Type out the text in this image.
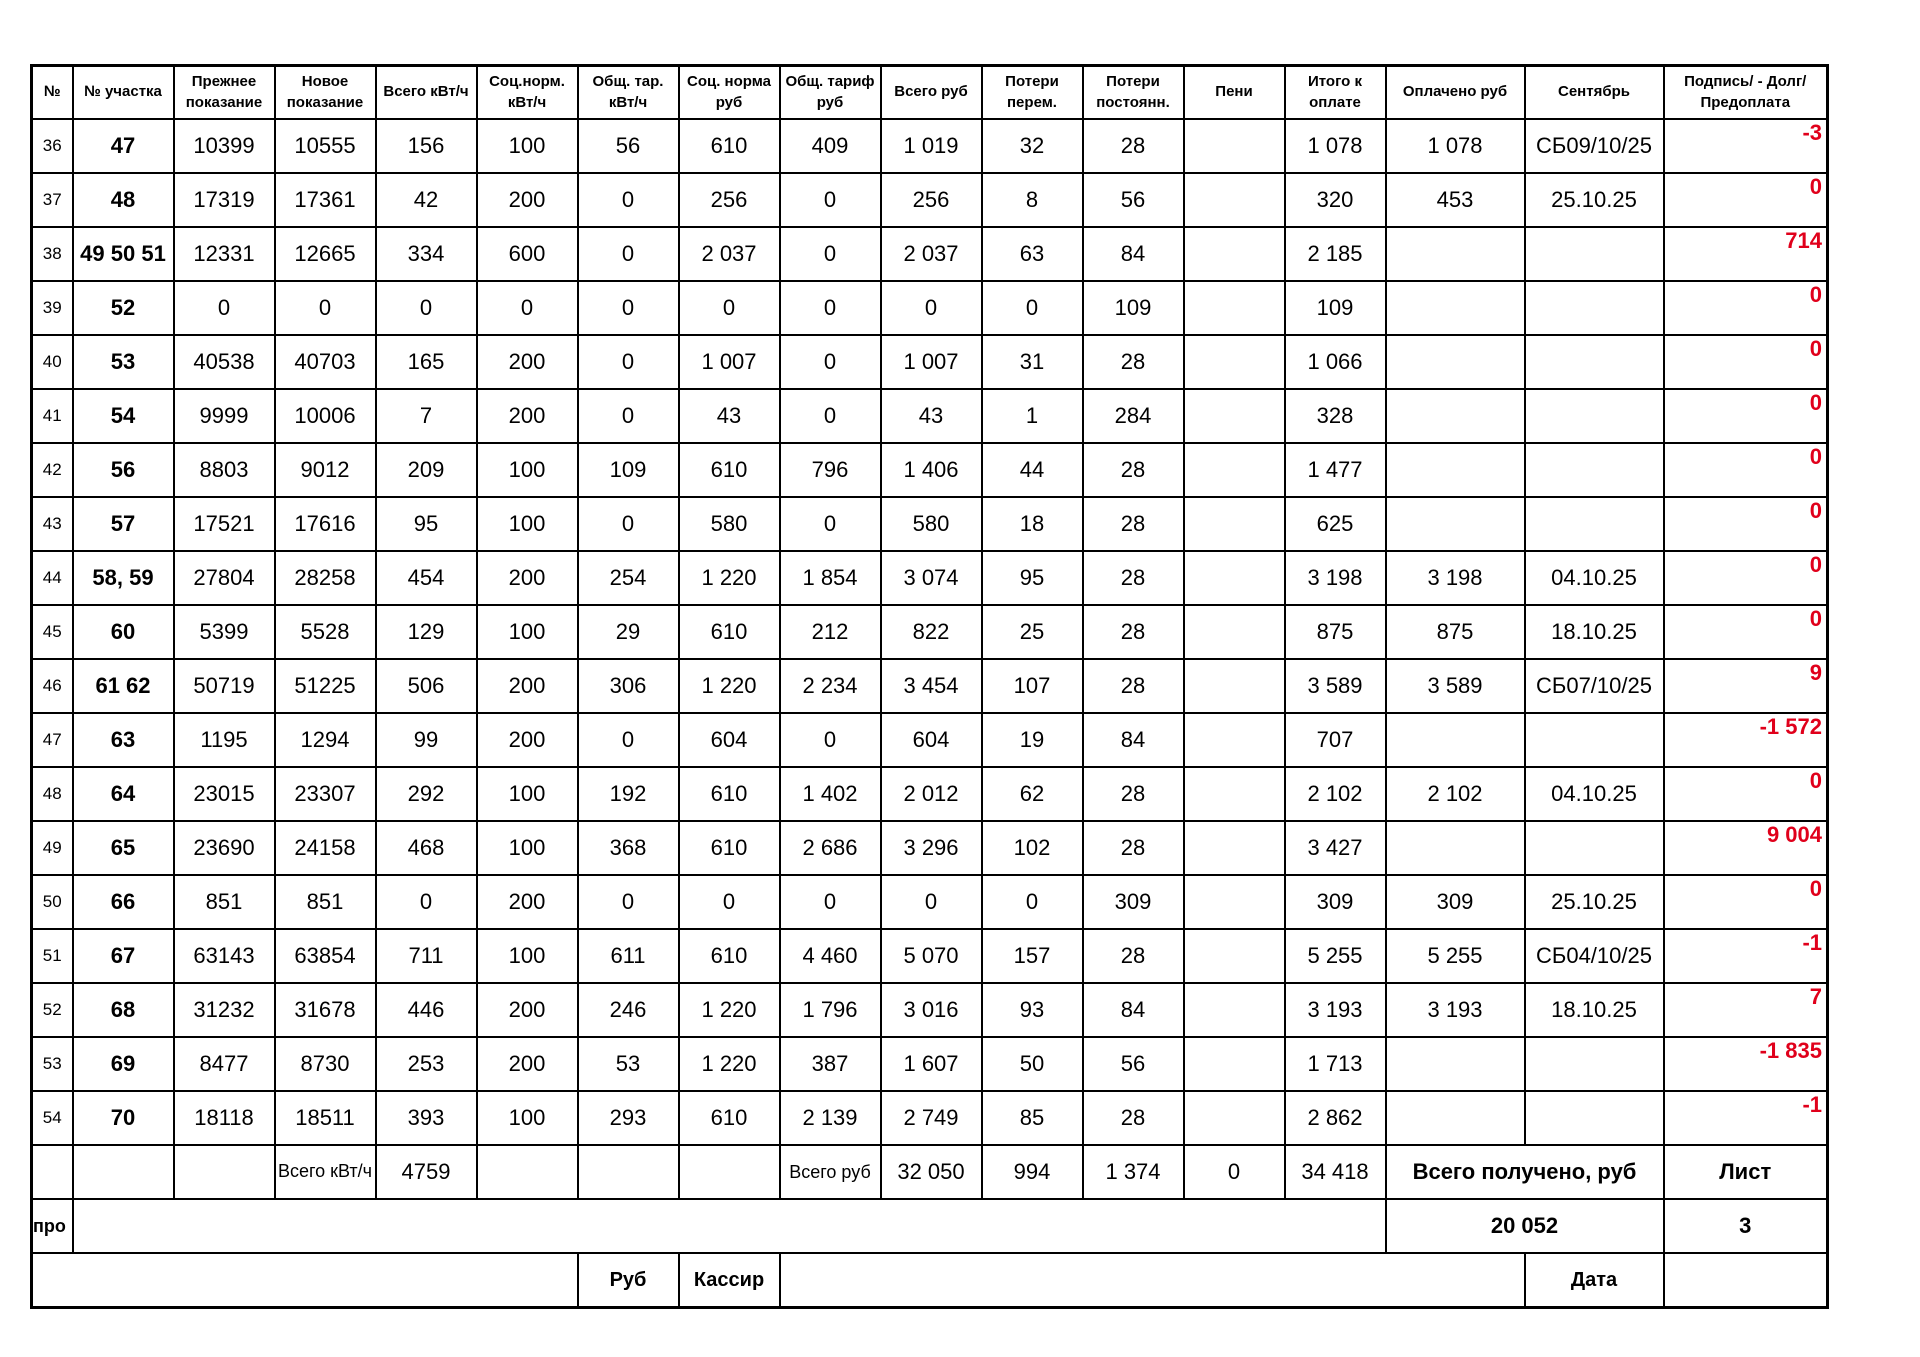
№	№ участка	Прежнее показание	Новое показание	Всего кВт/ч	Соц.норм. кВт/ч	Общ. тар. кВт/ч	Соц. норма руб	Общ. тариф руб	Всего руб	Потери перем.	Потери постоянн.	Пени	Итого к оплате	Оплачено руб	Сентябрь	Подпись/ - Долг/Предоплата
36	47	10399	10555	156	100	56	610	409	1 019	32	28		1 078	1 078	СБ09/10/25	-3
37	48	17319	17361	42	200	0	256	0	256	8	56		320	453	25.10.25	0
38	49 50 51	12331	12665	334	600	0	2 037	0	2 037	63	84		2 185			714
39	52	0	0	0	0	0	0	0	0	0	109		109			0
40	53	40538	40703	165	200	0	1 007	0	1 007	31	28		1 066			0
41	54	9999	10006	7	200	0	43	0	43	1	284		328			0
42	56	8803	9012	209	100	109	610	796	1 406	44	28		1 477			0
43	57	17521	17616	95	100	0	580	0	580	18	28		625			0
44	58, 59	27804	28258	454	200	254	1 220	1 854	3 074	95	28		3 198	3 198	04.10.25	0
45	60	5399	5528	129	100	29	610	212	822	25	28		875	875	18.10.25	0
46	61 62	50719	51225	506	200	306	1 220	2 234	3 454	107	28		3 589	3 589	СБ07/10/25	9
47	63	1195	1294	99	200	0	604	0	604	19	84		707			-1 572
48	64	23015	23307	292	100	192	610	1 402	2 012	62	28		2 102	2 102	04.10.25	0
49	65	23690	24158	468	100	368	610	2 686	3 296	102	28		3 427			9 004
50	66	851	851	0	200	0	0	0	0	0	309		309	309	25.10.25	0
51	67	63143	63854	711	100	611	610	4 460	5 070	157	28		5 255	5 255	СБ04/10/25	-1
52	68	31232	31678	446	200	246	1 220	1 796	3 016	93	84		3 193	3 193	18.10.25	7
53	69	8477	8730	253	200	53	1 220	387	1 607	50	56		1 713			-1 835
54	70	18118	18511	393	100	293	610	2 139	2 749	85	28		2 862			-1
			Всего кВт/ч	4759				Всего руб	32 050	994	1 374	0	34 418	Всего получено, руб		Лист
про														20 052		3
						Руб	Кассир								Дата	
